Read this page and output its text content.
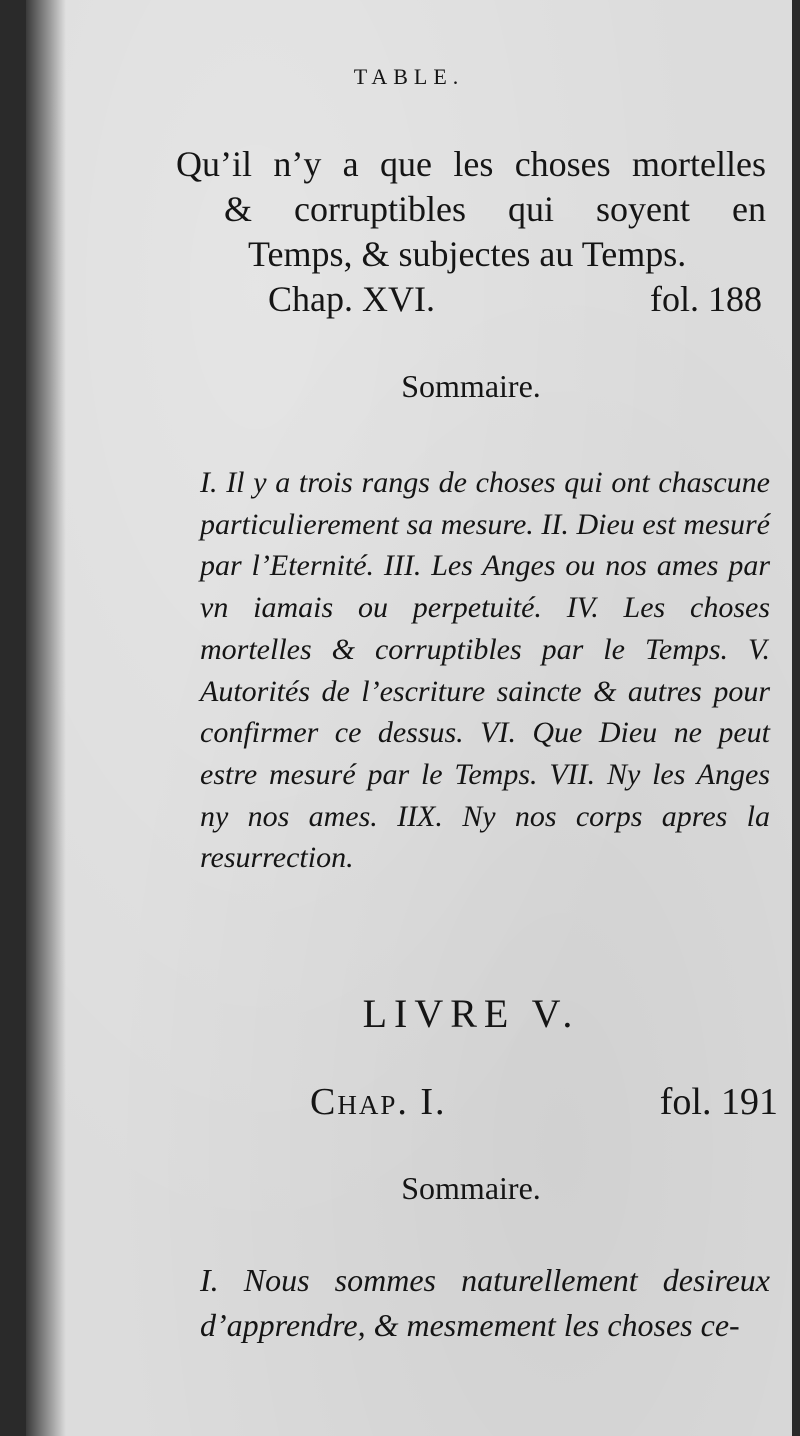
TABLE.
Qu’il n’y a que les choses mortelles
& corruptibles qui soyent en
Temps, & subjectes au Temps.
Chap. XVI.	fol. 188
Sommaire.
I. Il y a trois rangs de choses qui ont chascune particulierement sa mesure. II. Dieu est mesuré par l’Eternité. III. Les Anges ou nos ames par vn iamais ou perpetuité. IV. Les choses mortelles & corruptibles par le Temps. V. Autorités de l’escriture saincte & autres pour confirmer ce dessus. VI. Que Dieu ne peut estre mesuré par le Temps. VII. Ny les Anges ny nos ames. IIX. Ny nos corps apres la resurrection.
LIVRE V.
Chap. I.	fol. 191
Sommaire.
I. Nous sommes naturellement desireux d’apprendre, & mesmement les choses ce-
